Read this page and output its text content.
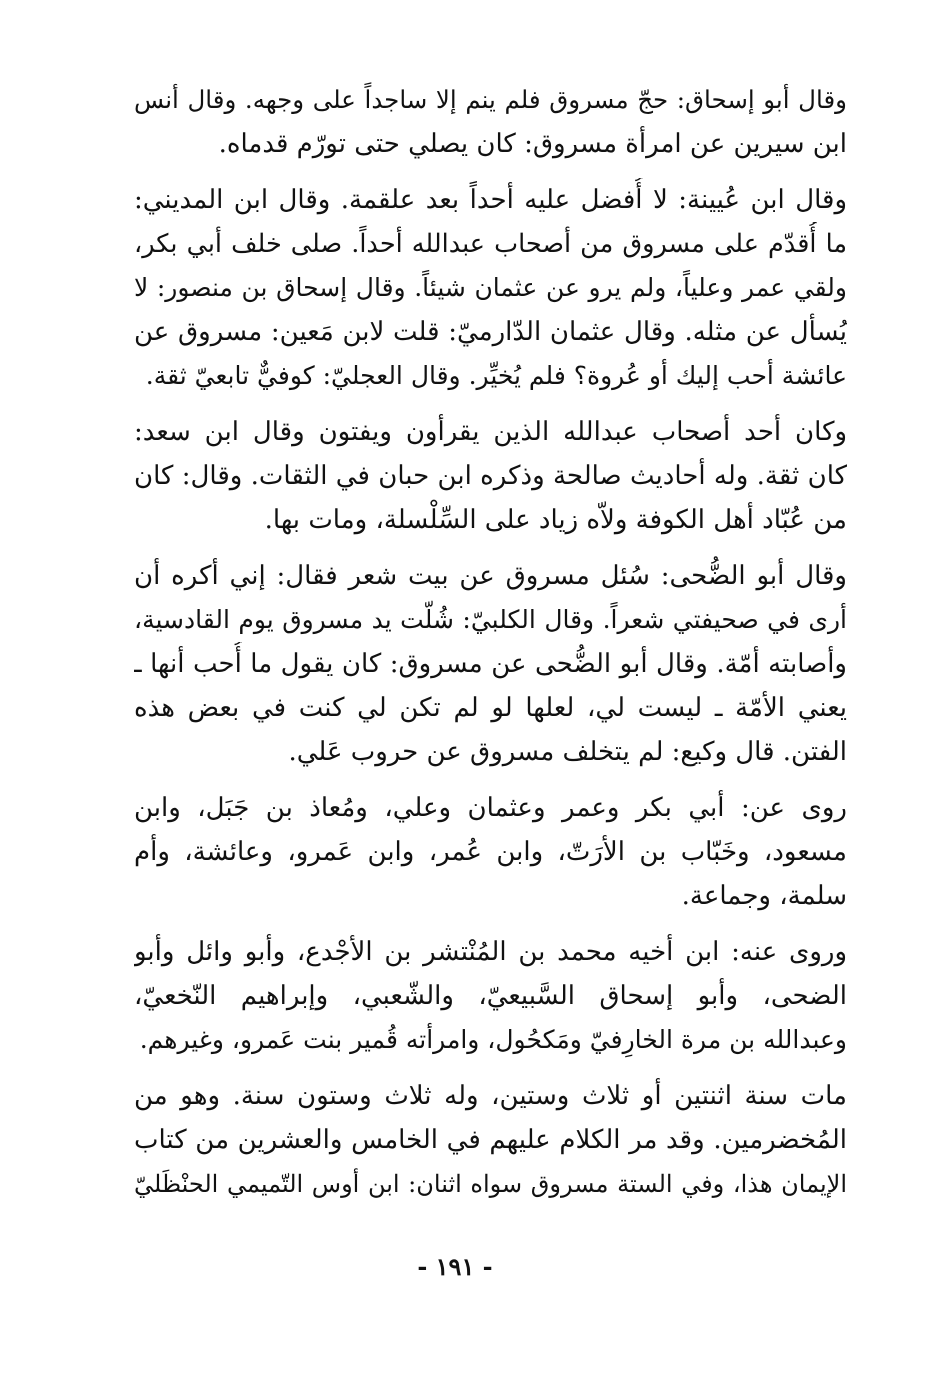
وقال أبو إسحاق: حجّ مسروق فلم ينم إلا ساجداً على وجهه. وقال أنس
ابن سيرين عن امرأة مسروق: كان يصلي حتى تورّم قدماه.
وقال ابن عُيينة: لا أُفضل عليه أحداً بعد علقمة. وقال ابن المديني:
ما أُقدّم على مسروق من أصحاب عبدالله أحداً. صلى خلف أبي بكر،
ولقي عمر وعلياً، ولم يرو عن عثمان شيئاً. وقال إسحاق بن منصور: لا
يُسأل عن مثله. وقال عثمان الدّارميّ: قلت لابن مَعين: مسروق عن
عائشة أحب إليك أو عُروة؟ فلم يُخيِّر. وقال العجليّ: كوفيٌّ تابعيّ ثقة.
وكان أحد أصحاب عبدالله الذين يقرأون ويفتون وقال ابن سعد:
كان ثقة. وله أحاديث صالحة وذكره ابن حبان في الثقات. وقال: كان
من عُبّاد أهل الكوفة ولاّه زياد على السِّلْسلة، ومات بها.
وقال أبو الضُّحى: سُئل مسروق عن بيت شعر فقال: إني أكره أن
أرى في صحيفتي شعراً. وقال الكلبيّ: شُلّت يد مسروق يوم القادسية،
وأصابته أمّة. وقال أبو الضُّحى عن مسروق: كان يقول ما أُحب أنها ـ
يعني الأمّة ـ ليست لي، لعلها لو لم تكن لي كنت في بعض هذه
الفتن. قال وكيع: لم يتخلف مسروق عن حروب عَلي.
روى عن: أبي بكر وعمر وعثمان وعلي، ومُعاذ بن جَبَل، وابن
مسعود، وخَبّاب بن الأرَتّ، وابن عُمر، وابن عَمرو، وعائشة، وأم
سلمة، وجماعة.
وروى عنه: ابن أخيه محمد بن المُنْتشر بن الأجْدع، وأبو وائل وأبو
الضحى، وأبو إسحاق السَّبيعيّ، والشّعبي، وإبراهيم النّخعيّ،
وعبدالله بن مرة الخارِفيّ ومَكحُول، وامرأته قُمير بنت عَمرو، وغيرهم.
مات سنة اثنتين أو ثلاث وستين، وله ثلاث وستون سنة. وهو من
المُخضرمين. وقد مر الكلام عليهم في الخامس والعشرين من كتاب
الإيمان هذا، وفي الستة مسروق سواه اثنان: ابن أوس التّميمي الحنْظَليّ
- ١٩١ -
